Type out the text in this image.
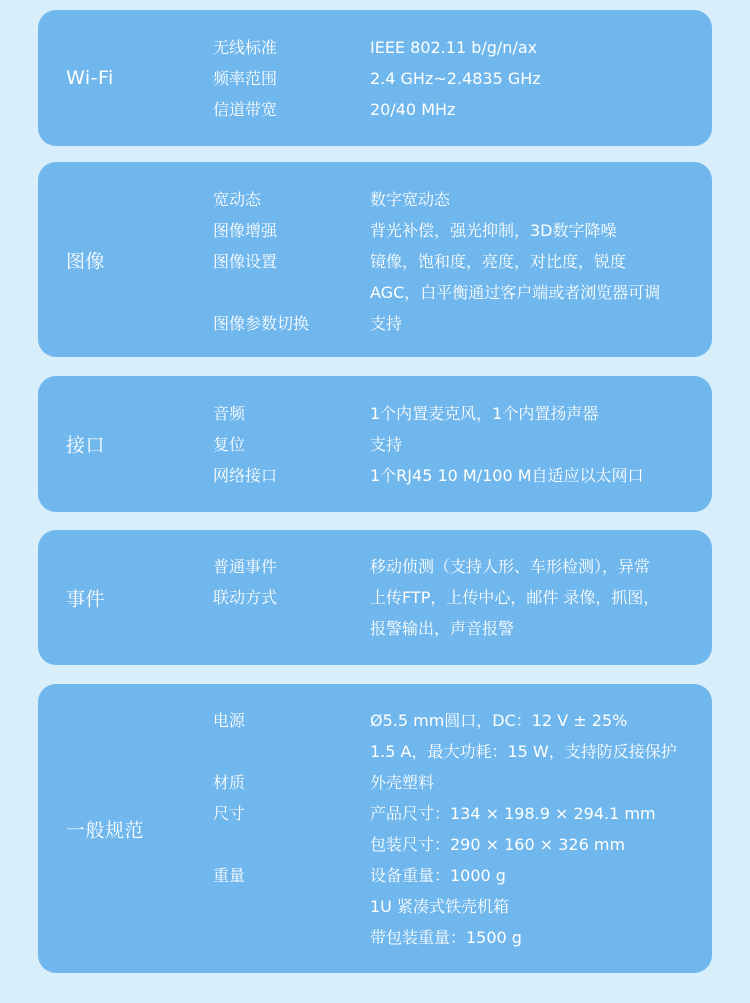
Wi-Fi
无线标准	IEEE 802.11 b/g/n/ax
频率范围	2.4 GHz~2.4835 GHz
信道带宽	20/40 MHz
图像
宽动态	数字宽动态
图像增强	背光补偿，强光抑制，3D数字降噪
图像设置	镜像，饱和度，亮度，对比度，锐度
AGC，白平衡通过客户端或者浏览器可调
图像参数切换	支持
接口
音频	1个内置麦克风，1个内置扬声器
复位	支持
网络接口	1个RJ45 10 M/100 M自适应以太网口
事件
普通事件	移动侦测（支持人形、车形检测），异常
联动方式	上传FTP，上传中心，邮件 录像，抓图，
报警输出，声音报警
一般规范
电源	Ø5.5 mm圆口，DC：12 V ± 25%
1.5 A，最大功耗：15 W，支持防反接保护
材质	外壳塑料
尺寸	产品尺寸：134 × 198.9 × 294.1 mm
包装尺寸：290 × 160 × 326 mm
重量	设备重量：1000 g
1U 紧凑式铁壳机箱
带包装重量：1500 g
